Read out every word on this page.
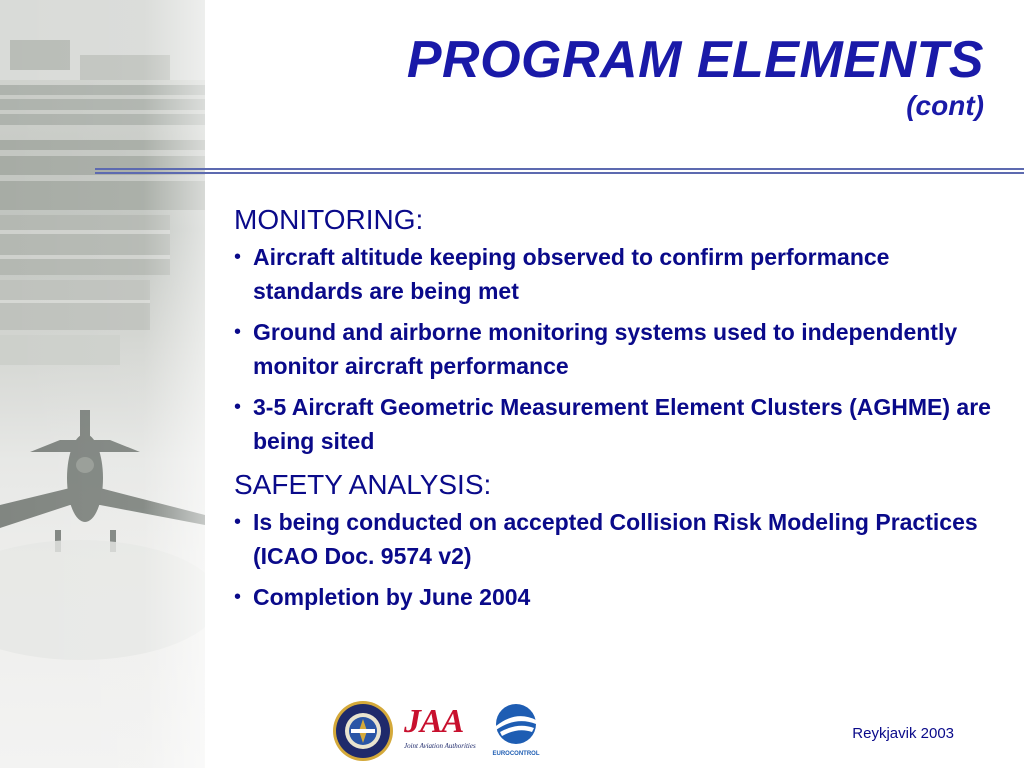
PROGRAM ELEMENTS
(cont)
MONITORING:
• Aircraft altitude keeping observed to confirm performance standards are being met
• Ground and airborne monitoring systems used to independently monitor aircraft performance
• 3-5 Aircraft Geometric Measurement Element Clusters (AGHME) are being sited
SAFETY ANALYSIS:
• Is being conducted on accepted Collision Risk Modeling Practices (ICAO Doc. 9574 v2)
• Completion by June 2004
JAA
Joint Aviation Authorities
EUROCONTROL
Reykjavik 2003
